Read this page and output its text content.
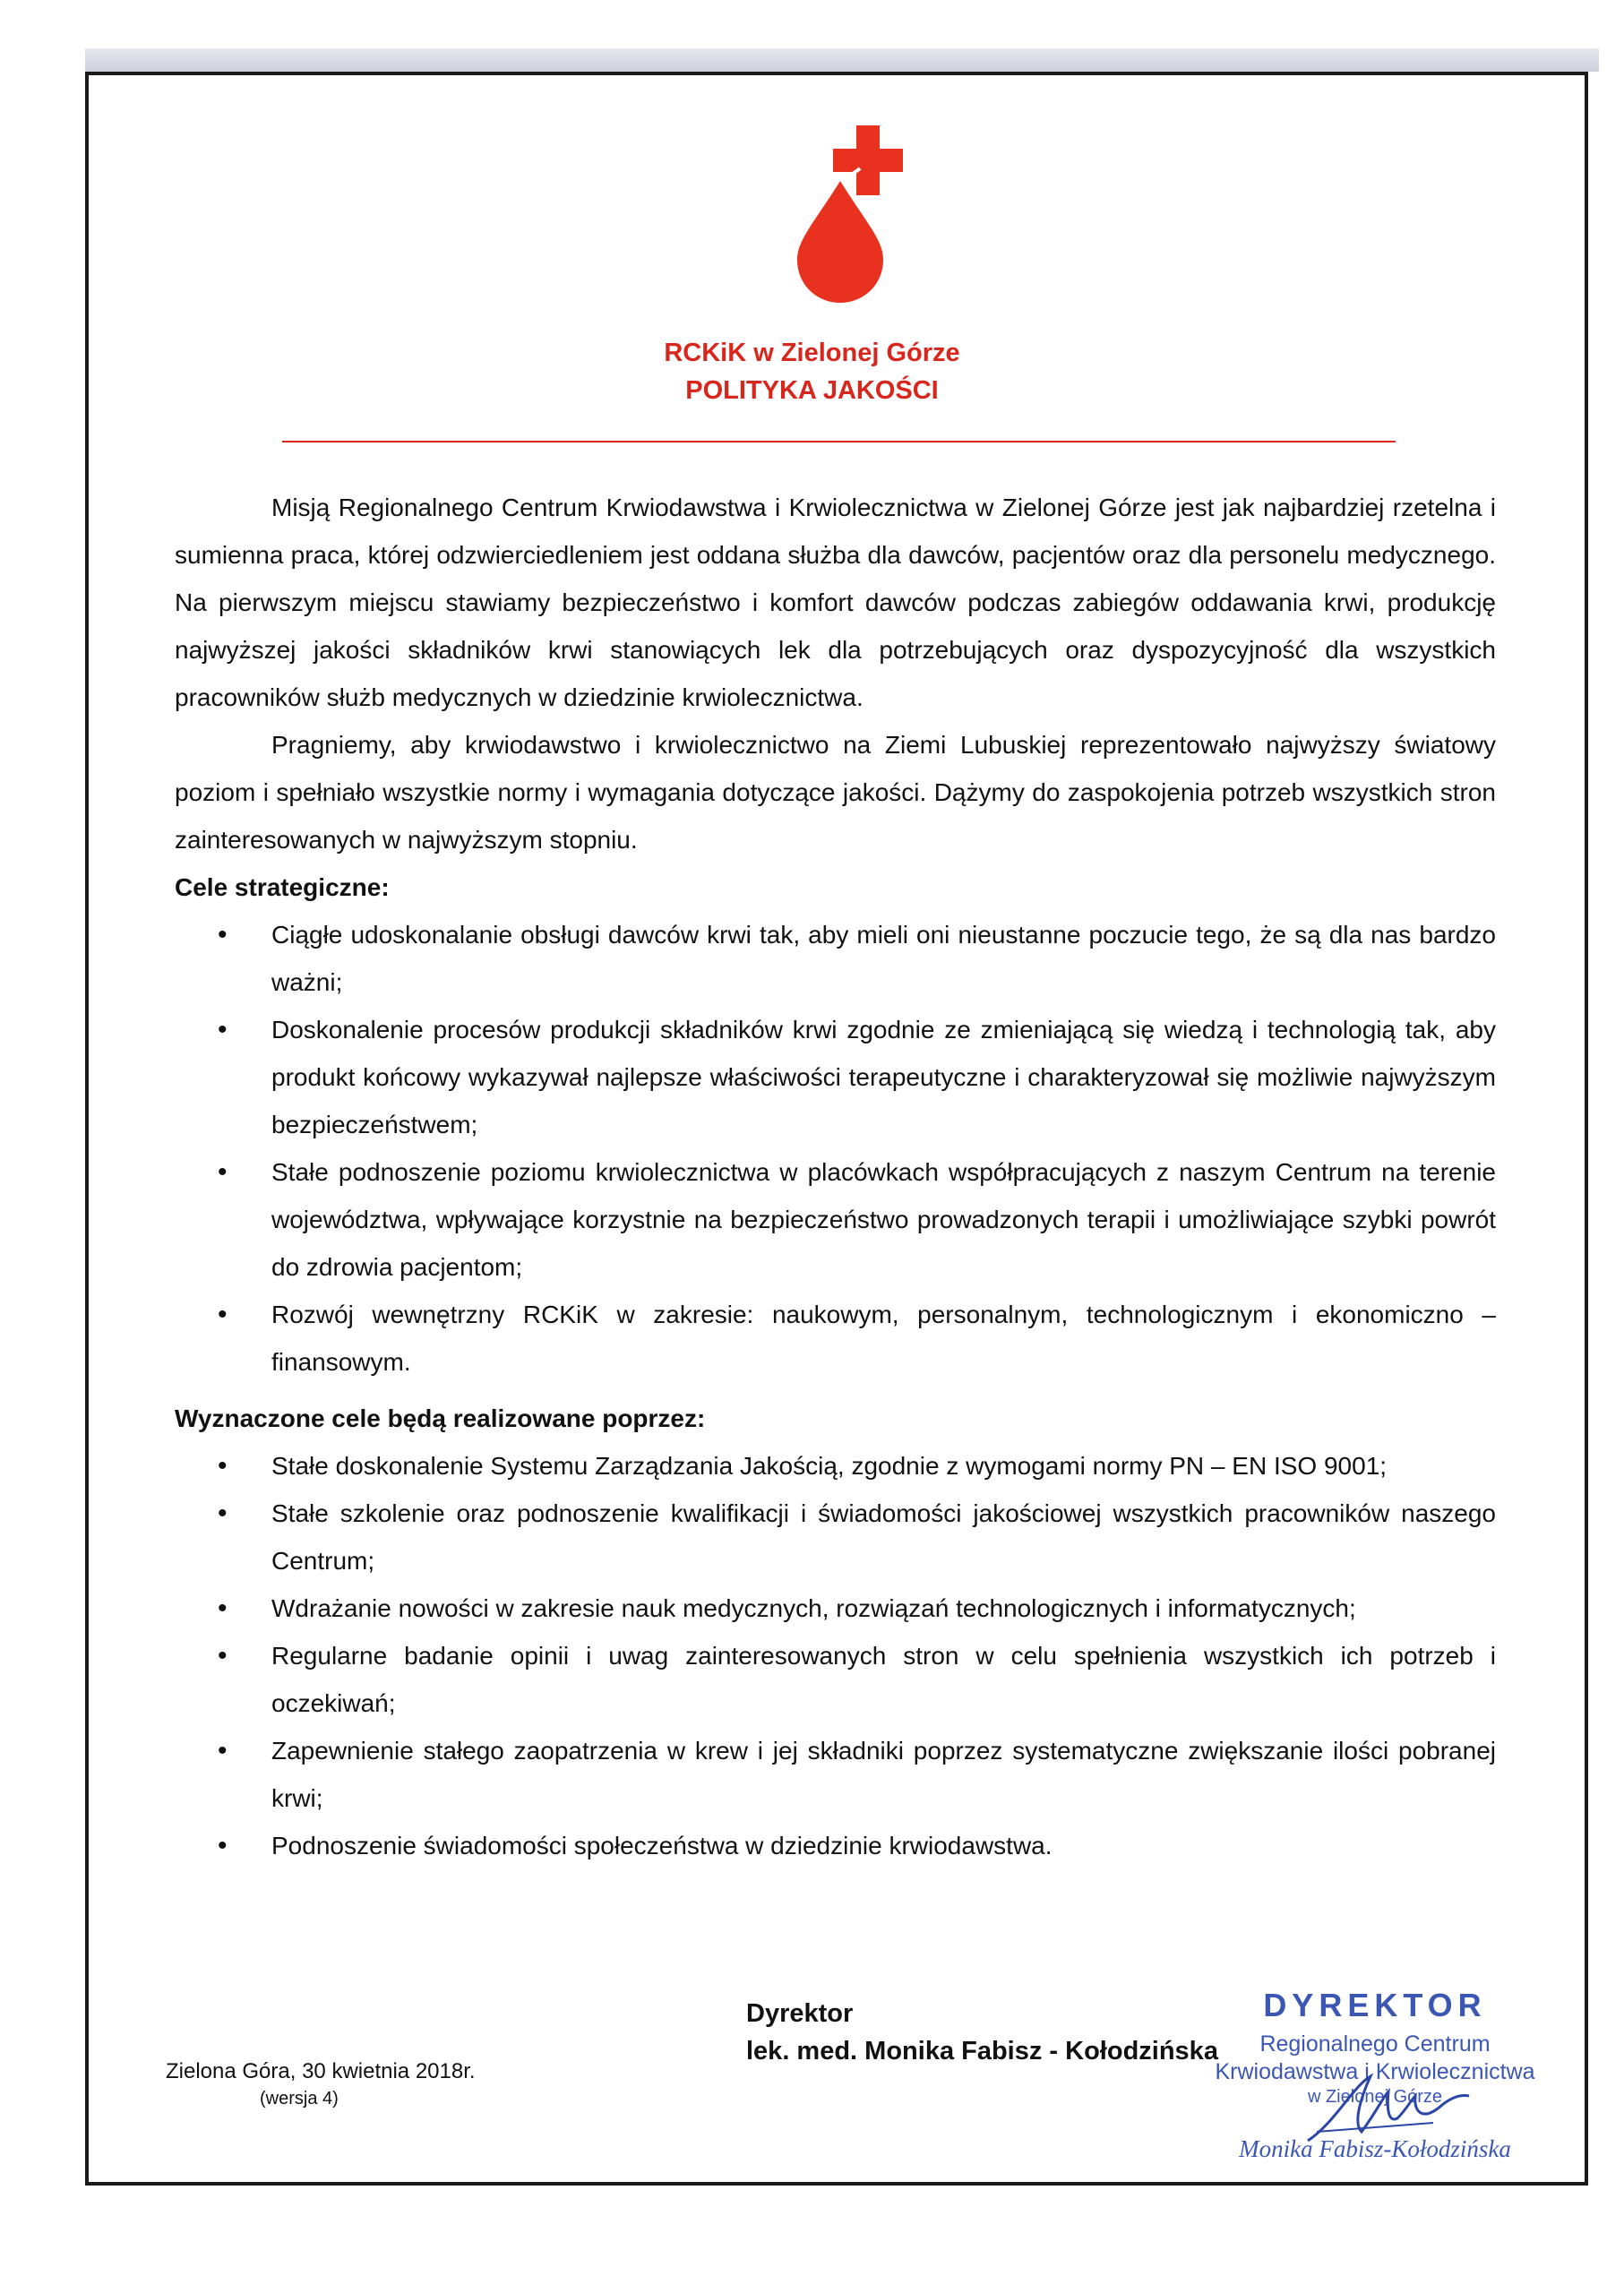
RCKiK w Zielonej Górze
POLITYKA JAKOŚCI

Misją Regionalnego Centrum Krwiodawstwa i Krwiolecznictwa w Zielonej Górze jest jak najbardziej rzetelna i sumienna praca, której odzwierciedleniem jest oddana służba dla dawców, pacjentów oraz dla personelu medycznego. Na pierwszym miejscu stawiamy bezpieczeństwo i komfort dawców podczas zabiegów oddawania krwi, produkcję najwyższej jakości składników krwi stanowiących lek dla potrzebujących oraz dyspozycyjność dla wszystkich pracowników służb medycznych w dziedzinie krwiolecznictwa.

Pragniemy, aby krwiodawstwo i krwiolecznictwo na Ziemi Lubuskiej reprezentowało najwyższy światowy poziom i spełniało wszystkie normy i wymagania dotyczące jakości. Dążymy do zaspokojenia potrzeb wszystkich stron zainteresowanych w najwyższym stopniu.

Cele strategiczne:
• Ciągłe udoskonalanie obsługi dawców krwi tak, aby mieli oni nieustanne poczucie tego, że są dla nas bardzo ważni;
• Doskonalenie procesów produkcji składników krwi zgodnie ze zmieniającą się wiedzą i technologią tak, aby produkt końcowy wykazywał najlepsze właściwości terapeutyczne i charakteryzował się możliwie najwyższym bezpieczeństwem;
• Stałe podnoszenie poziomu krwiolecznictwa w placówkach współpracujących z naszym Centrum na terenie województwa, wpływające korzystnie na bezpieczeństwo prowadzonych terapii i umożliwiające szybki powrót do zdrowia pacjentom;
• Rozwój wewnętrzny RCKiK w zakresie: naukowym, personalnym, technologicznym i ekonomiczno – finansowym.
Wyznaczone cele będą realizowane poprzez:
• Stałe doskonalenie Systemu Zarządzania Jakością, zgodnie z wymogami normy PN – EN ISO 9001;
• Stałe szkolenie oraz podnoszenie kwalifikacji i świadomości jakościowej wszystkich pracowników naszego Centrum;
• Wdrażanie nowości w zakresie nauk medycznych, rozwiązań technologicznych i informatycznych;
• Regularne badanie opinii i uwag zainteresowanych stron w celu spełnienia wszystkich ich potrzeb i oczekiwań;
• Zapewnienie stałego zaopatrzenia w krew i jej składniki poprzez systematyczne zwiększanie ilości pobranej krwi;
• Podnoszenie świadomości społeczeństwa w dziedzinie krwiodawstwa.
Zielona Góra, 30 kwietnia 2018r.
(wersja 4)
Dyrektor
lek. med. Monika Fabisz - Kołodzińska
DYREKTOR
Regionalnego Centrum
Krwiodawstwa i Krwiolecznictwa
w Zielonej Górze
Monika Fabisz-Kołodzińska
